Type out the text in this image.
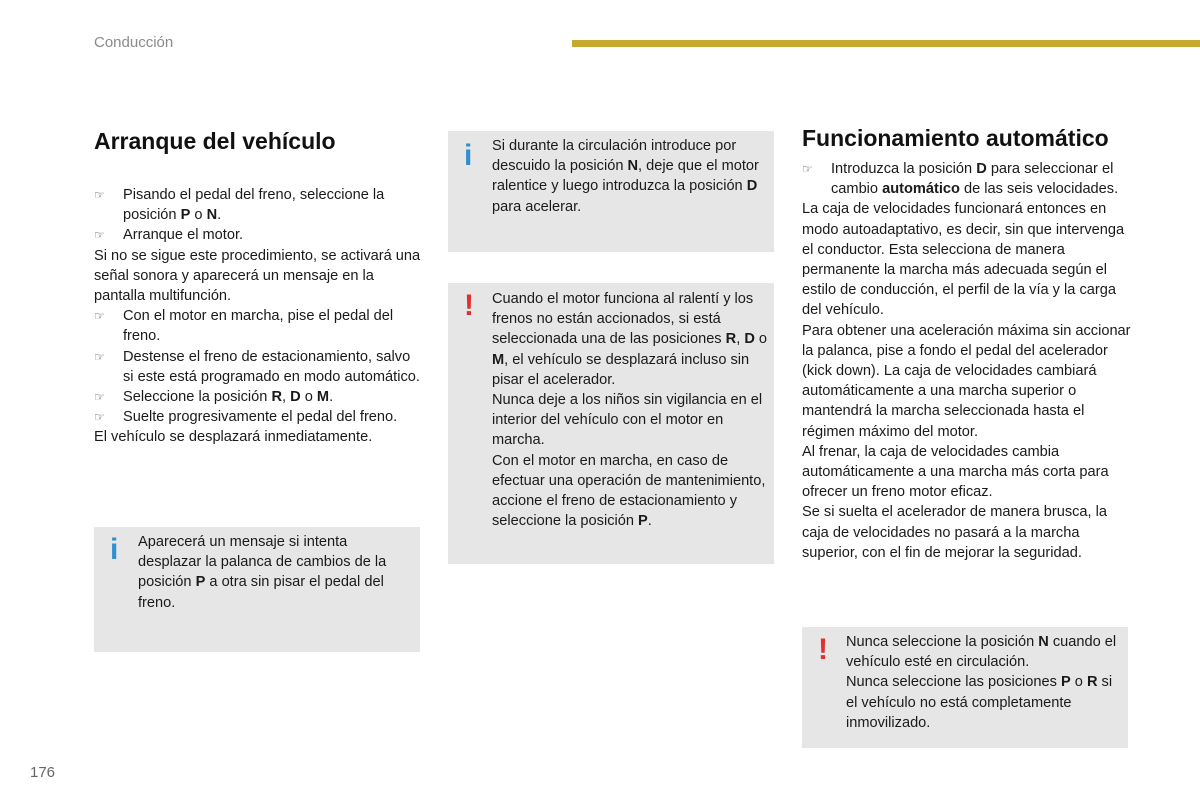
Conducción
Arranque del vehículo

☞ Pisando el pedal del freno, seleccione la posición P o N.

☞ Arranque el motor.

Si no se sigue este procedimiento, se activará una señal sonora y aparecerá un mensaje en la pantalla multifunción.

☞ Con el motor en marcha, pise el pedal del freno.

☞ Destense el freno de estacionamiento, salvo si este está programado en modo automático.

☞ Seleccione la posición R, D o M.

☞ Suelte progresivamente el pedal del freno.

El vehículo se desplazará inmediatamente.

i Aparecerá un mensaje si intenta desplazar la palanca de cambios de la posición P a otra sin pisar el pedal del freno.

i Si durante la circulación introduce por descuido la posición N, deje que el motor ralentice y luego introduzca la posición D para acelerar.

! Cuando el motor funciona al ralentí y los frenos no están accionados, si está seleccionada una de las posiciones R, D o M, el vehículo se desplazará incluso sin pisar el acelerador.

Nunca deje a los niños sin vigilancia en el interior del vehículo con el motor en marcha.

Con el motor en marcha, en caso de efectuar una operación de mantenimiento, accione el freno de estacionamiento y seleccione la posición P.

Funcionamiento automático

☞ Introduzca la posición D para seleccionar el cambio automático de las seis velocidades.

La caja de velocidades funcionará entonces en modo autoadaptativo, es decir, sin que intervenga el conductor. Esta selecciona de manera permanente la marcha más adecuada según el estilo de conducción, el perfil de la vía y la carga del vehículo.

Para obtener una aceleración máxima sin accionar la palanca, pise a fondo el pedal del acelerador (kick down). La caja de velocidades cambiará automáticamente a una marcha superior o mantendrá la marcha seleccionada hasta el régimen máximo del motor.

Al frenar, la caja de velocidades cambia automáticamente a una marcha más corta para ofrecer un freno motor eficaz.

Se si suelta el acelerador de manera brusca, la caja de velocidades no pasará a la marcha superior, con el fin de mejorar la seguridad.

! Nunca seleccione la posición N cuando el vehículo esté en circulación.

Nunca seleccione las posiciones P o R si el vehículo no está completamente inmovilizado.

176
